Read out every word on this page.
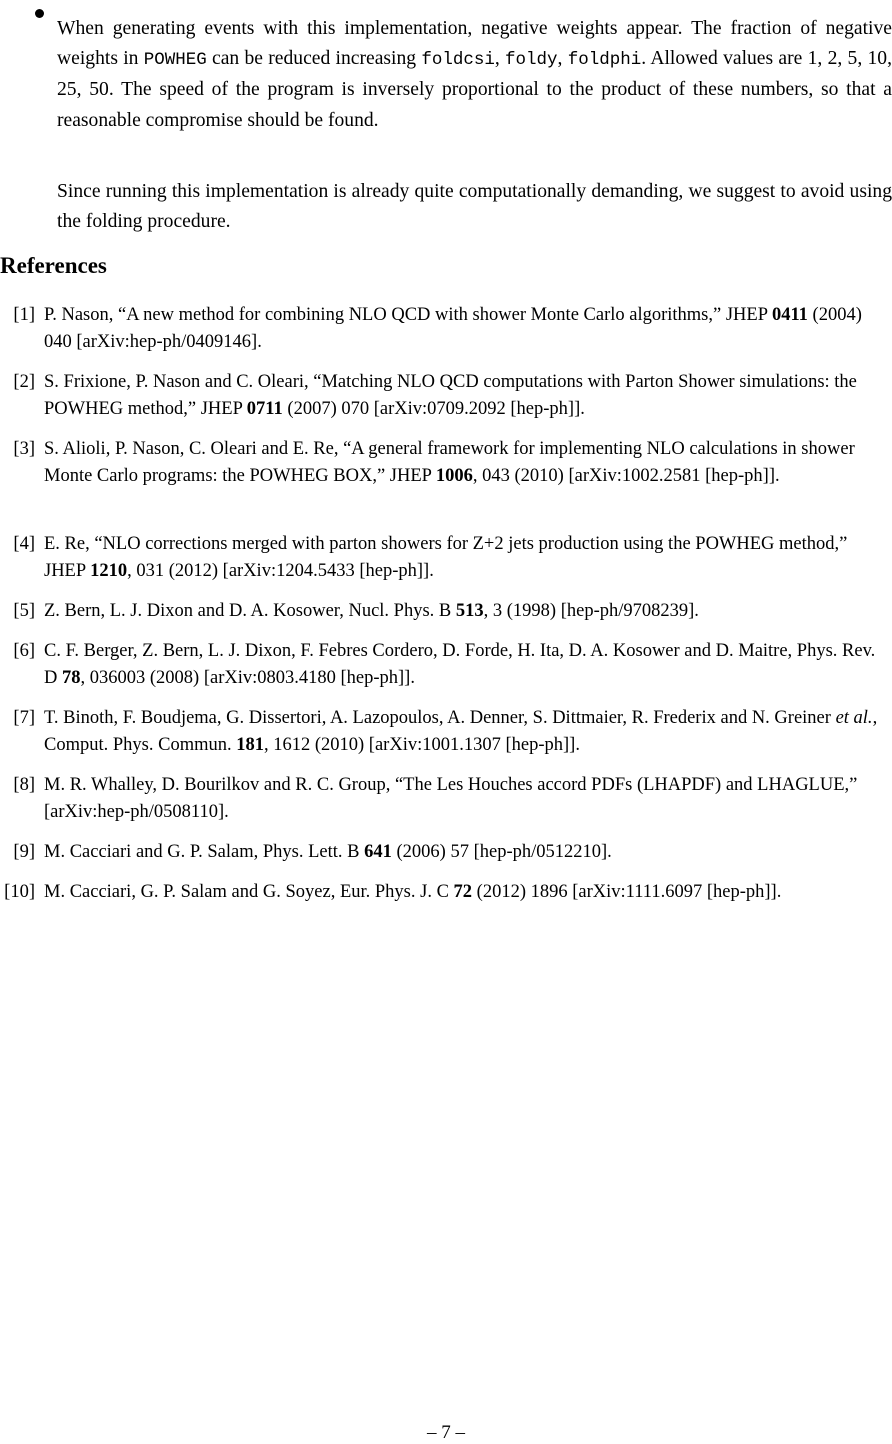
When generating events with this implementation, negative weights appear. The fraction of negative weights in POWHEG can be reduced increasing foldcsi, foldy, foldphi. Allowed values are 1, 2, 5, 10, 25, 50. The speed of the program is inversely proportional to the product of these numbers, so that a reasonable compromise should be found.

Since running this implementation is already quite computationally demanding, we suggest to avoid using the folding procedure.

References
[1] P. Nason, “A new method for combining NLO QCD with shower Monte Carlo algorithms,” JHEP 0411 (2004) 040 [arXiv:hep-ph/0409146].
[2] S. Frixione, P. Nason and C. Oleari, “Matching NLO QCD computations with Parton Shower simulations: the POWHEG method,” JHEP 0711 (2007) 070 [arXiv:0709.2092 [hep-ph]].
[3] S. Alioli, P. Nason, C. Oleari and E. Re, “A general framework for implementing NLO calculations in shower Monte Carlo programs: the POWHEG BOX,” JHEP 1006, 043 (2010) [arXiv:1002.2581 [hep-ph]].
[4] E. Re, “NLO corrections merged with parton showers for Z+2 jets production using the POWHEG method,” JHEP 1210, 031 (2012) [arXiv:1204.5433 [hep-ph]].
[5] Z. Bern, L. J. Dixon and D. A. Kosower, Nucl. Phys. B 513, 3 (1998) [hep-ph/9708239].
[6] C. F. Berger, Z. Bern, L. J. Dixon, F. Febres Cordero, D. Forde, H. Ita, D. A. Kosower and D. Maitre, Phys. Rev. D 78, 036003 (2008) [arXiv:0803.4180 [hep-ph]].
[7] T. Binoth, F. Boudjema, G. Dissertori, A. Lazopoulos, A. Denner, S. Dittmaier, R. Frederix and N. Greiner et al., Comput. Phys. Commun. 181, 1612 (2010) [arXiv:1001.1307 [hep-ph]].
[8] M. R. Whalley, D. Bourilkov and R. C. Group, “The Les Houches accord PDFs (LHAPDF) and LHAGLUE,” [arXiv:hep-ph/0508110].
[9] M. Cacciari and G. P. Salam, Phys. Lett. B 641 (2006) 57 [hep-ph/0512210].
[10] M. Cacciari, G. P. Salam and G. Soyez, Eur. Phys. J. C 72 (2012) 1896 [arXiv:1111.6097 [hep-ph]].
– 7 –
